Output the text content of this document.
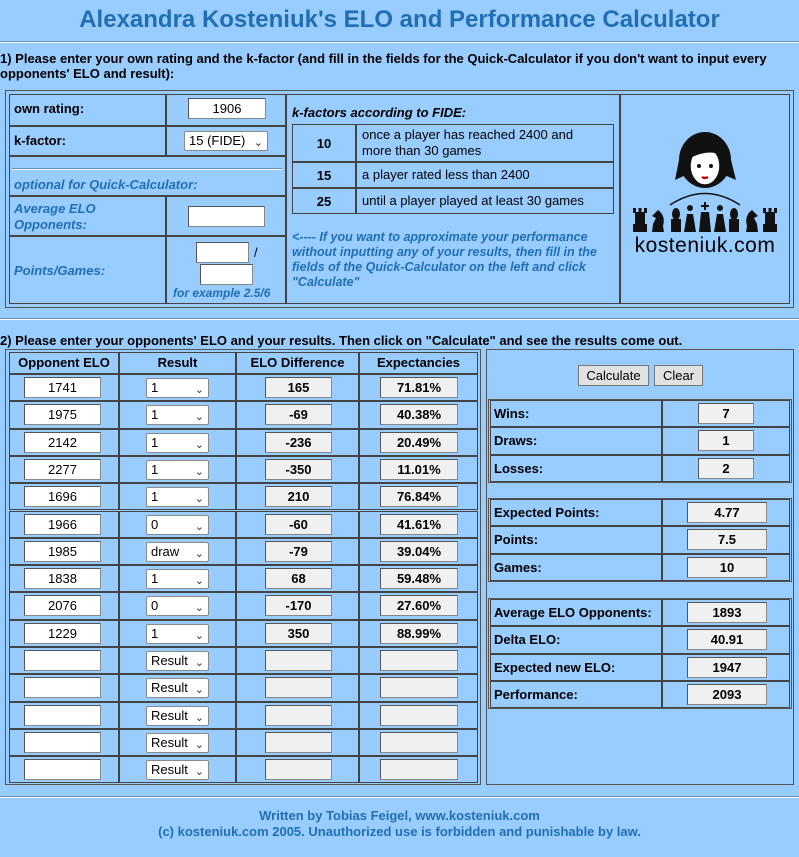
Alexandra Kosteniuk's ELO and Performance Calculator
1) Please enter your own rating and the k-factor (and fill in the fields for the Quick-Calculator if you don't want to input every opponents' ELO and result):
own rating:	1906
k-factor:	15 (FIDE) ⌄
optional for Quick-Calculator:
Average ELO Opponents:
Points/Games:
/
for example 2.5/6
k-factors according to FIDE:
10
once a player has reached 2400 and more than 30 games
15	a player rated less than 2400
25	until a player played at least 30 games
<---- If you want to approximate your performance without inputting any of your results, then fill in the fields of the Quick-Calculator on the left and click "Calculate"
kosteniuk.com
2) Please enter your opponents' ELO and your results. Then click on "Calculate" and see the results come out.
Opponent ELO	Result	ELO Difference	Expectancies
1741	1	⌄	165	71.81%
1975	1	⌄	-69	40.38%
2142	1	⌄	-236	20.49%
2277	1	⌄	-350	11.01%
1696	1	⌄	210	76.84%
1966	0	⌄	-60	41.61%
1985	draw ⌄	-79	39.04%
1838	1	⌄	68	59.48%
2076	0	⌄	-170	27.60%
1229	1	⌄	350	88.99%
Result ⌄
Result ⌄
Result ⌄
Result ⌄
Result ⌄
Calculate	Clear
Wins:	7
Draws:	1
Losses:	2
Expected Points:	4.77
Points:	7.5
Games:	10
Average ELO Opponents:	1893
Delta ELO:	40.91
Expected new ELO:	1947
Performance:	2093
Written by Tobias Feigel, www.kosteniuk.com
(c) kosteniuk.com 2005. Unauthorized use is forbidden and punishable by law.
